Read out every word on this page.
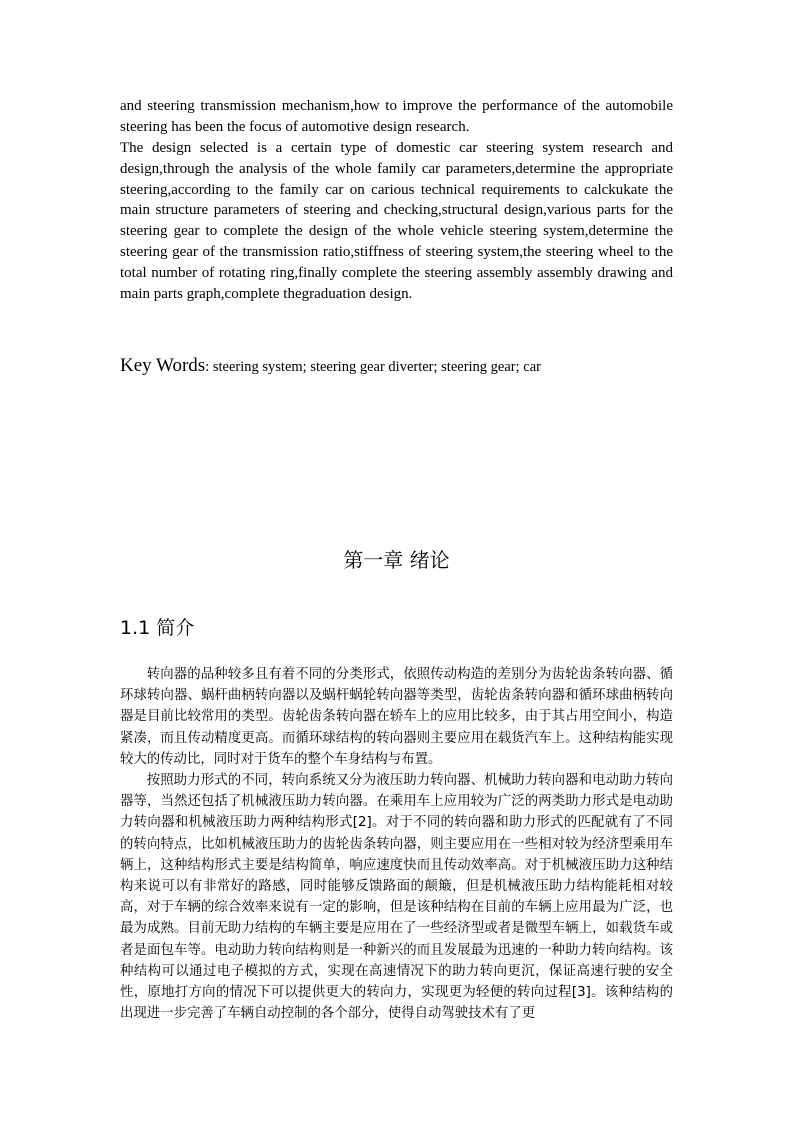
and steering transmission mechanism,how to improve the performance of the automobile steering has been the focus of automotive design research.

The design selected is a certain type of domestic car steering system research and design,through the analysis of the whole family car parameters,determine the appropriate steering,according to the family car on carious technical requirements to calckukate the main structure parameters of steering and checking,structural design,various parts for the steering gear to complete the design of the whole vehicle steering system,determine the steering gear of the transmission ratio,stiffness of steering system,the steering wheel to the total number of rotating ring,finally complete the steering assembly assembly drawing and main parts graph,complete thegraduation design.

Key Words: steering system; steering gear diverter; steering gear; car

第一章 绪论
1.1 简介

转向器的品种较多且有着不同的分类形式，依照传动构造的差别分为齿轮齿条转向器、循环球转向器、蜗杆曲柄转向器以及蜗杆蜗轮转向器等类型，齿轮齿条转向器和循环球曲柄转向器是目前比较常用的类型。齿轮齿条转向器在轿车上的应用比较多，由于其占用空间小，构造紧凑，而且传动精度更高。而循环球结构的转向器则主要应用在载货汽车上。这种结构能实现较大的传动比，同时对于货车的整个车身结构与布置。

按照助力形式的不同，转向系统又分为液压助力转向器、机械助力转向器和电动助力转向器等，当然还包括了机械液压助力转向器。在乘用车上应用较为广泛的两类助力形式是电动助力转向器和机械液压助力两种结构形式[2]。对于不同的转向器和助力形式的匹配就有了不同的转向特点，比如机械液压助力的齿轮齿条转向器，则主要应用在一些相对较为经济型乘用车辆上，这种结构形式主要是结构简单，响应速度快而且传动效率高。对于机械液压助力这种结构来说可以有非常好的路感，同时能够反馈路面的颠簸，但是机械液压助力结构能耗相对较高，对于车辆的综合效率来说有一定的影响，但是该种结构在目前的车辆上应用最为广泛，也最为成熟。目前无助力结构的车辆主要是应用在了一些经济型或者是微型车辆上，如载货车或者是面包车等。电动助力转向结构则是一种新兴的而且发展最为迅速的一种助力转向结构。该种结构可以通过电子模拟的方式，实现在高速情况下的助力转向更沉，保证高速行驶的安全性，原地打方向的情况下可以提供更大的转向力，实现更为轻便的转向过程[3]。该种结构的出现进一步完善了车辆自动控制的各个部分，使得自动驾驶技术有了更
